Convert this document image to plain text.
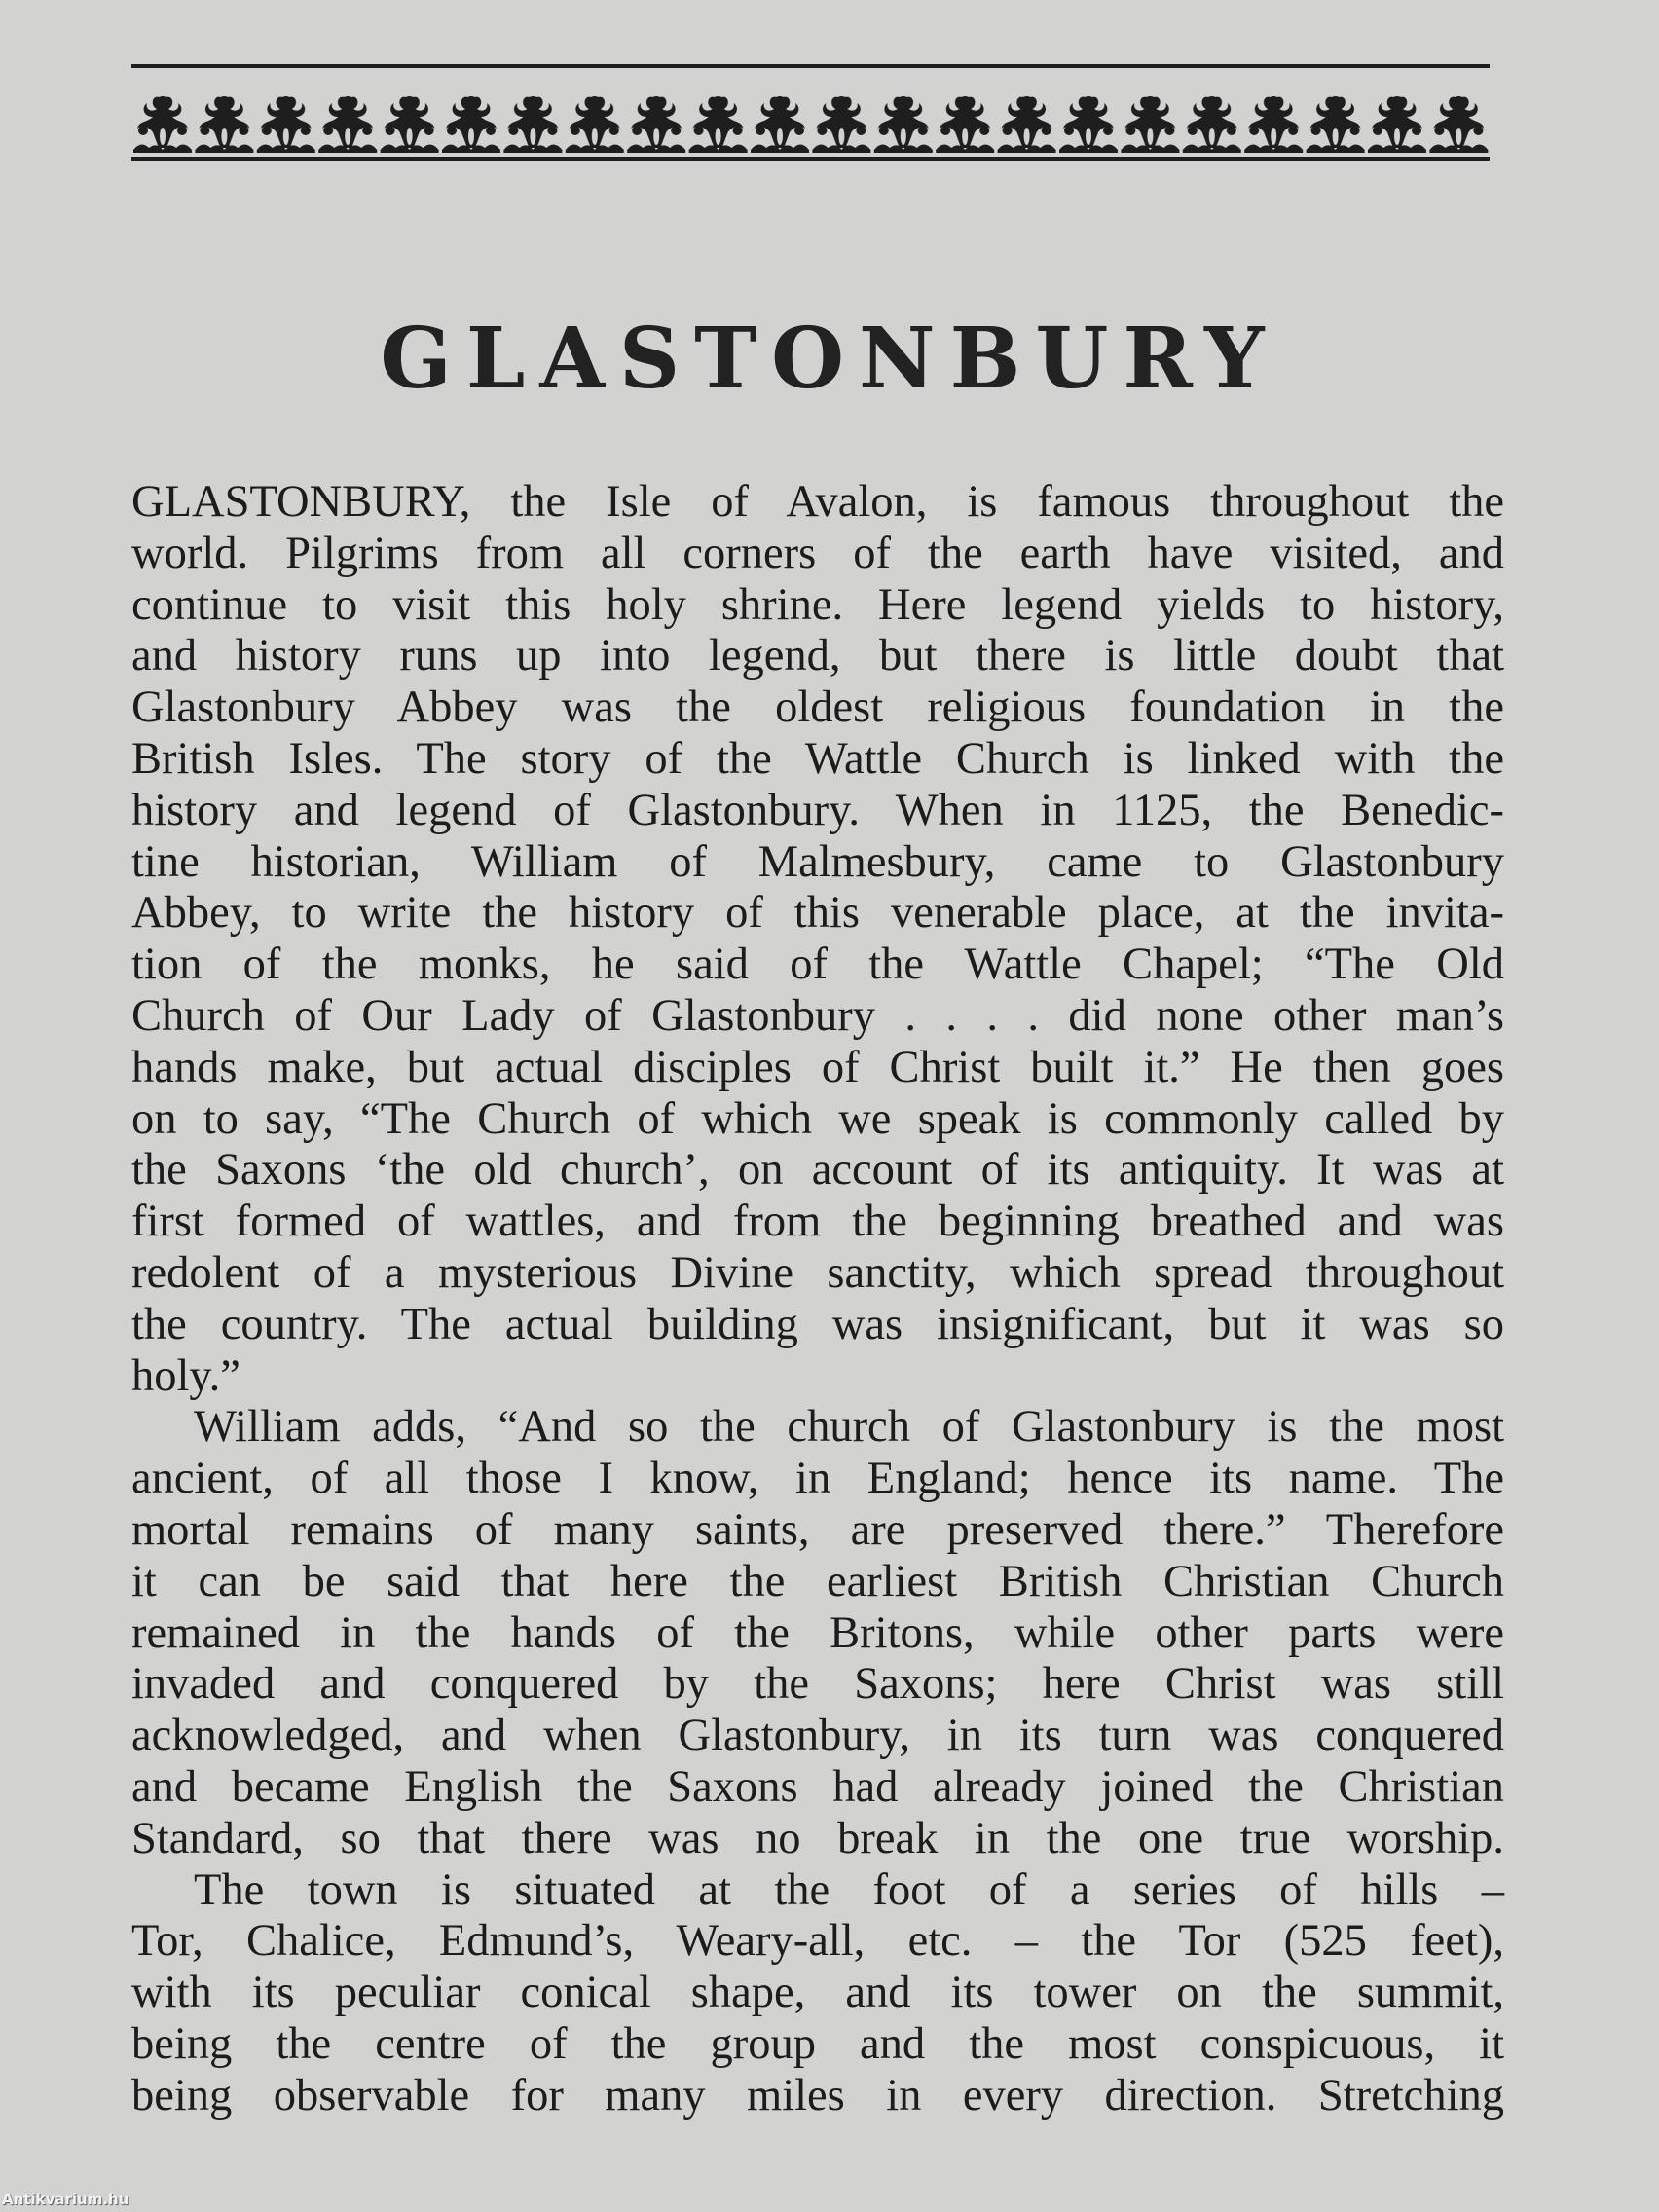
GLASTONBURY
GLASTONBURY, the Isle of Avalon, is famous throughout the
world. Pilgrims from all corners of the earth have visited, and
continue to visit this holy shrine. Here legend yields to history,
and history runs up into legend, but there is little doubt that
Glastonbury Abbey was the oldest religious foundation in the
British Isles. The story of the Wattle Church is linked with the
history and legend of Glastonbury. When in 1125, the Benedic-
tine historian, William of Malmesbury, came to Glastonbury
Abbey, to write the history of this venerable place, at the invita-
tion of the monks, he said of the Wattle Chapel; “The Old
Church of Our Lady of Glastonbury . . . . did none other man’s
hands make, but actual disciples of Christ built it.” He then goes
on to say, “The Church of which we speak is commonly called by
the Saxons ‘the old church’, on account of its antiquity. It was at
first formed of wattles, and from the beginning breathed and was
redolent of a mysterious Divine sanctity, which spread throughout
the country. The actual building was insignificant, but it was so
holy.”
William adds, “And so the church of Glastonbury is the most
ancient, of all those I know, in England; hence its name. The
mortal remains of many saints, are preserved there.” Therefore
it can be said that here the earliest British Christian Church
remained in the hands of the Britons, while other parts were
invaded and conquered by the Saxons; here Christ was still
acknowledged, and when Glastonbury, in its turn was conquered
and became English the Saxons had already joined the Christian
Standard, so that there was no break in the one true worship.
The town is situated at the foot of a series of hills –
Tor, Chalice, Edmund’s, Weary-all, etc. – the Tor (525 feet),
with its peculiar conical shape, and its tower on the summit,
being the centre of the group and the most conspicuous, it
being observable for many miles in every direction. Stretching
Antikvarium.hu
